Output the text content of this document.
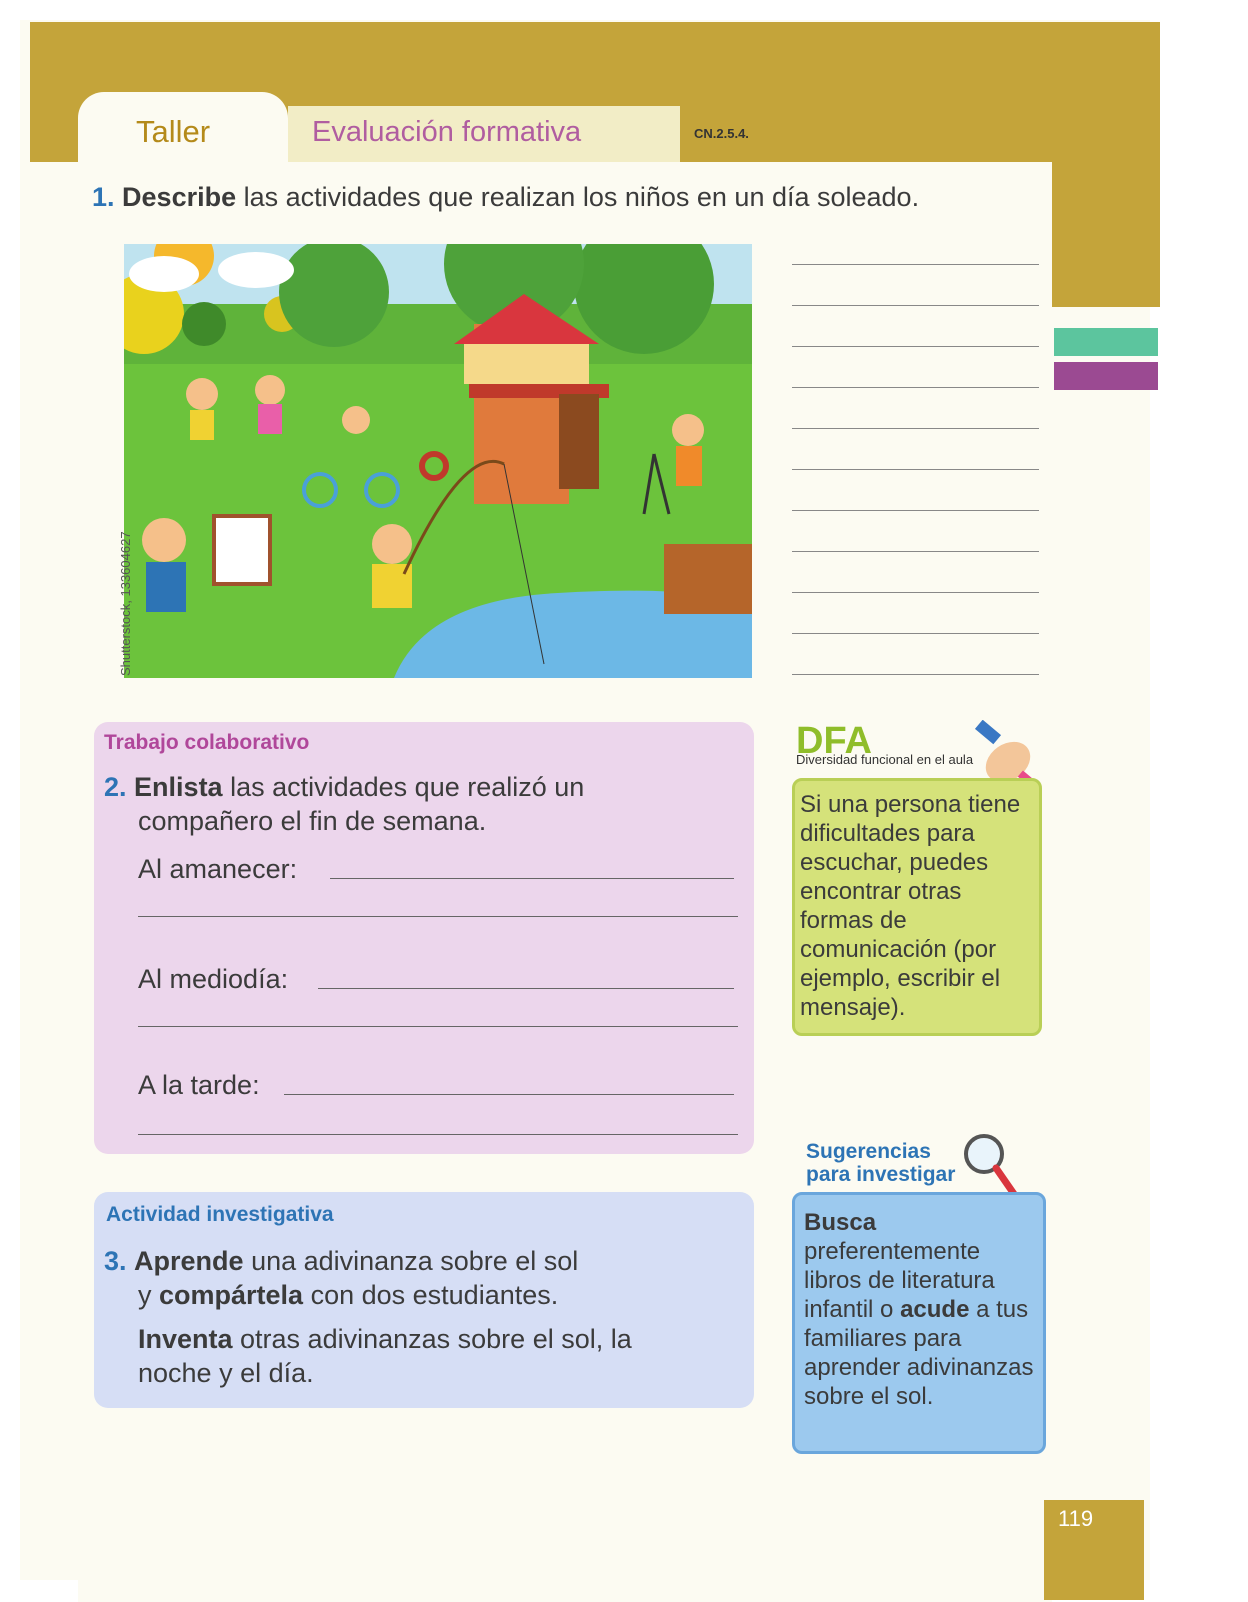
Taller	Evaluación formativa	CN.2.5.4.
1. Describe las actividades que realizan los niños en un día soleado.
Shutterstock, 133604627
Trabajo colaborativo
2. Enlista las actividades que realizó un
compañero el fin de semana.
Al amanecer:
Al mediodía:
A la tarde:
Actividad investigativa
3. Aprende una adivinanza sobre el sol
y compártela con dos estudiantes.
Inventa otras adivinanzas sobre el sol, la
noche y el día.
DFA
Diversidad funcional en el aula
Si una persona tiene dificultades para escuchar, puedes encontrar otras formas de comunicación (por ejemplo, escribir el mensaje).
Sugerencias
para investigar
Busca preferentemente libros de literatura infantil o acude a tus familiares para aprender adivinanzas sobre el sol.
119
